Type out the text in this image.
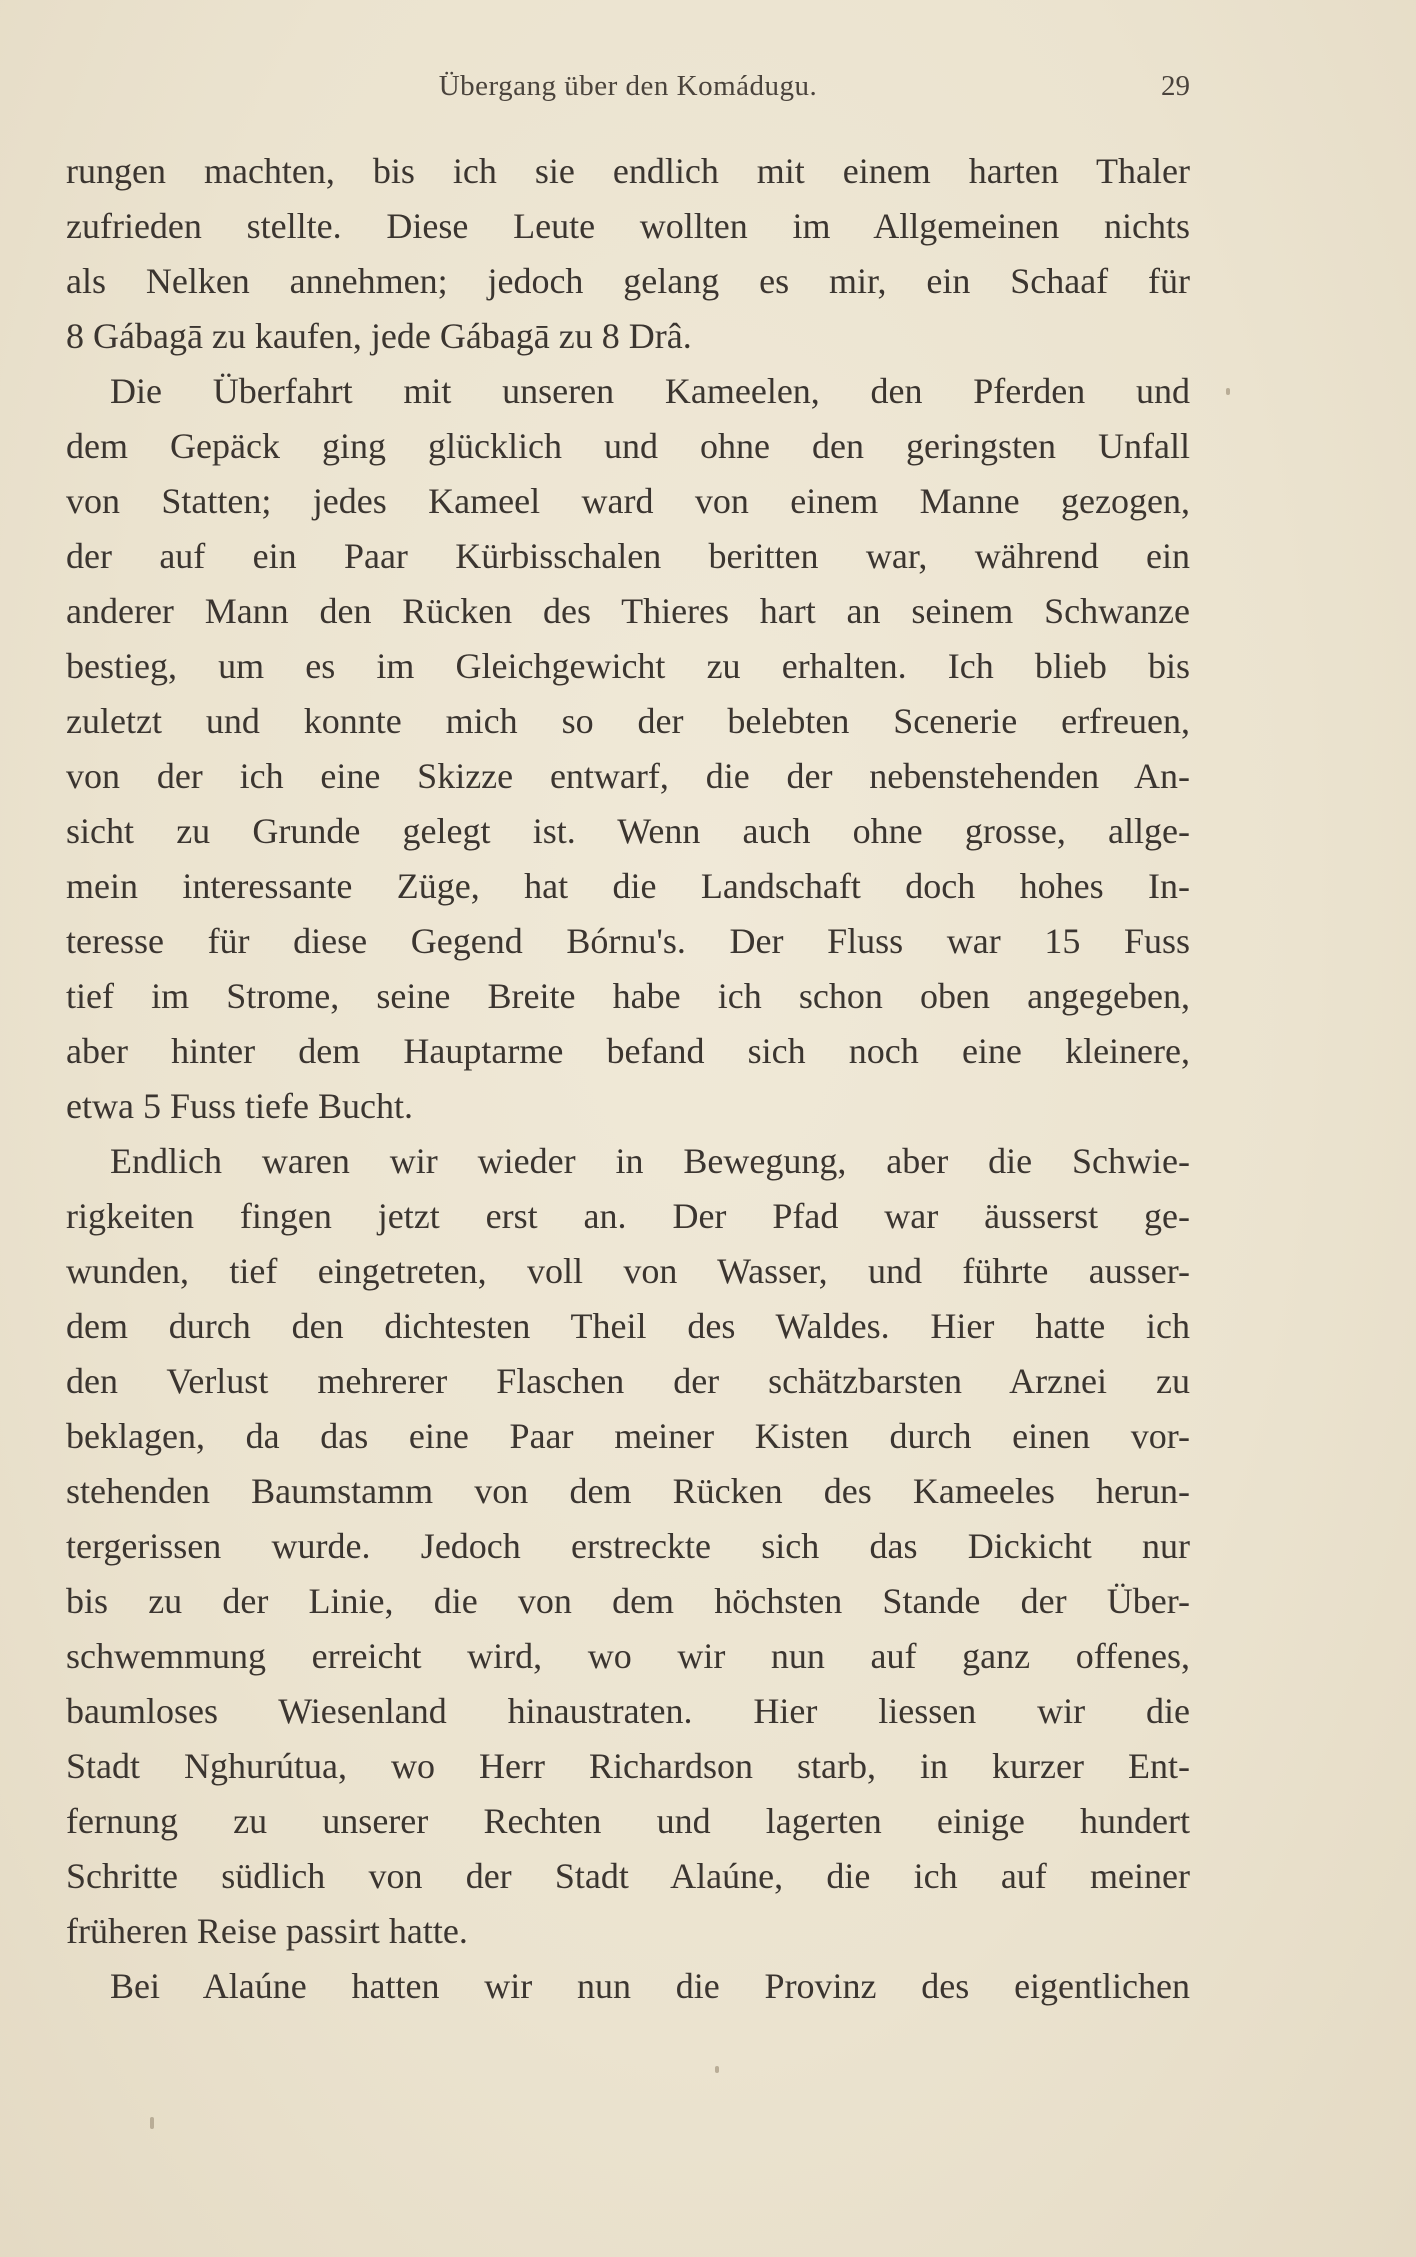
Übergang über den Komádugu.	29
rungen machten, bis ich sie endlich mit einem harten Thaler
zufrieden stellte. Diese Leute wollten im Allgemeinen nichts
als Nelken annehmen; jedoch gelang es mir, ein Schaaf für
8 Gábagā zu kaufen, jede Gábagā zu 8 Drâ.
Die Überfahrt mit unseren Kameelen, den Pferden und
dem Gepäck ging glücklich und ohne den geringsten Unfall
von Statten; jedes Kameel ward von einem Manne gezogen,
der auf ein Paar Kürbisschalen beritten war, während ein
anderer Mann den Rücken des Thieres hart an seinem Schwanze
bestieg, um es im Gleichgewicht zu erhalten. Ich blieb bis
zuletzt und konnte mich so der belebten Scenerie erfreuen,
von der ich eine Skizze entwarf, die der nebenstehenden An-
sicht zu Grunde gelegt ist. Wenn auch ohne grosse, allge-
mein interessante Züge, hat die Landschaft doch hohes In-
teresse für diese Gegend Bórnu's. Der Fluss war 15 Fuss
tief im Strome, seine Breite habe ich schon oben angegeben,
aber hinter dem Hauptarme befand sich noch eine kleinere,
etwa 5 Fuss tiefe Bucht.
Endlich waren wir wieder in Bewegung, aber die Schwie-
rigkeiten fingen jetzt erst an. Der Pfad war äusserst ge-
wunden, tief eingetreten, voll von Wasser, und führte ausser-
dem durch den dichtesten Theil des Waldes. Hier hatte ich
den Verlust mehrerer Flaschen der schätzbarsten Arznei zu
beklagen, da das eine Paar meiner Kisten durch einen vor-
stehenden Baumstamm von dem Rücken des Kameeles herun-
tergerissen wurde. Jedoch erstreckte sich das Dickicht nur
bis zu der Linie, die von dem höchsten Stande der Über-
schwemmung erreicht wird, wo wir nun auf ganz offenes,
baumloses Wiesenland hinaustraten. Hier liessen wir die
Stadt Nghurútua, wo Herr Richardson starb, in kurzer Ent-
fernung zu unserer Rechten und lagerten einige hundert
Schritte südlich von der Stadt Alaúne, die ich auf meiner
früheren Reise passirt hatte.
Bei Alaúne hatten wir nun die Provinz des eigentlichen
